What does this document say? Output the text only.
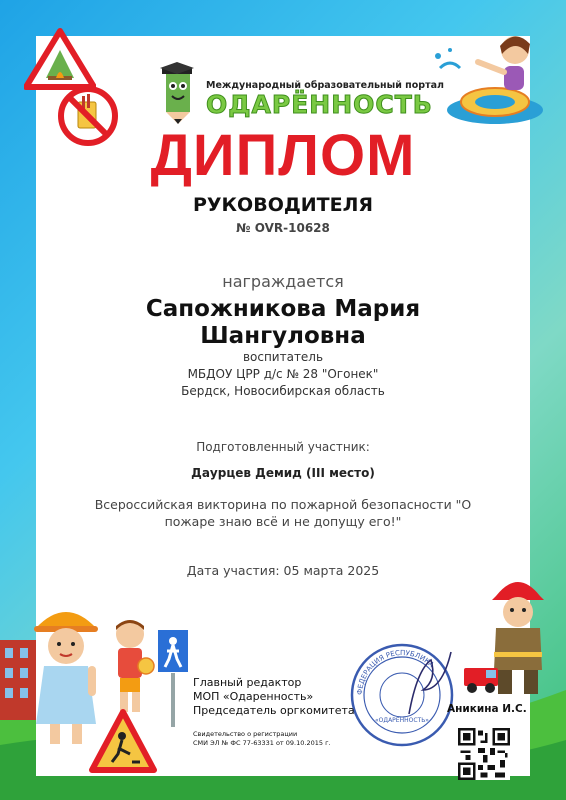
Международный образовательный портал
ОДАРЁННОСТЬ
ДИПЛОМ
РУКОВОДИТЕЛЯ
№ OVR-10628
награждается
Сапожникова Мария
Шангуловна
воспитатель
МБДОУ ЦРР д/с № 28 "Огонек"
Бердск, Новосибирская область
Подготовленный участник:
Даурцев Демид (III место)
Всероссийская викторина по пожарной безопасности "О
пожаре знаю всё и не допущу его!"
Дата участия: 05 марта 2025
ФЕДЕРАЦИЯ РЕСПУБЛИКА
«ОДАРЕННОСТЬ»
Главный редактор
МОП «Одаренность»
Председатель оргкомитета
Свидетельство о регистрации
СМИ ЭЛ № ФС 77-63331 от 09.10.2015 г.
Аникина И.С.
